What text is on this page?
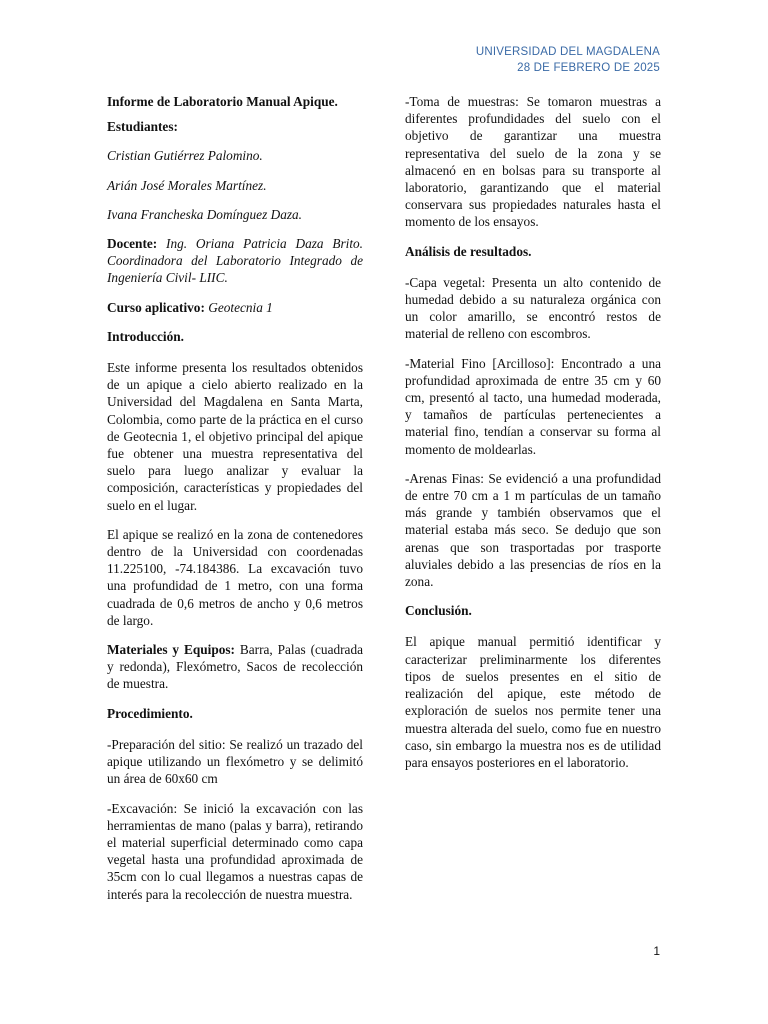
UNIVERSIDAD DEL MAGDALENA
28 DE FEBRERO DE 2025

Informe de Laboratorio Manual Apique.

Estudiantes:

Cristian Gutiérrez Palomino.

Arián José Morales Martínez.

Ivana Francheska Domínguez Daza.

Docente: Ing. Oriana Patricia Daza Brito. Coordinadora del Laboratorio Integrado de Ingeniería Civil- LIIC.

Curso aplicativo: Geotecnia 1

Introducción.

Este informe presenta los resultados obtenidos de un apique a cielo abierto realizado en la Universidad del Magdalena en Santa Marta, Colombia, como parte de la práctica en el curso de Geotecnia 1, el objetivo principal del apique fue obtener una muestra representativa del suelo para luego analizar y evaluar la composición, características y propiedades del suelo en el lugar.

El apique se realizó en la zona de contenedores dentro de la Universidad con coordenadas 11.225100, -74.184386. La excavación tuvo una profundidad de 1 metro, con una forma cuadrada de 0,6 metros de ancho y 0,6 metros de largo.

Materiales y Equipos: Barra, Palas (cuadrada y redonda), Flexómetro, Sacos de recolección de muestra.

Procedimiento.

-Preparación del sitio: Se realizó un trazado del apique utilizando un flexómetro y se delimitó un área de 60x60 cm

-Excavación: Se inició la excavación con las herramientas de mano (palas y barra), retirando el material superficial determinado como capa vegetal hasta una profundidad aproximada de 35cm con lo cual llegamos a nuestras capas de interés para la recolección de nuestra muestra.

-Toma de muestras: Se tomaron muestras a diferentes profundidades del suelo con el objetivo de garantizar una muestra representativa del suelo de la zona y se almacenó en en bolsas para su transporte al laboratorio, garantizando que el material conservara sus propiedades naturales hasta el momento de los ensayos.

Análisis de resultados.

-Capa vegetal: Presenta un alto contenido de humedad debido a su naturaleza orgánica con un color amarillo, se encontró restos de material de relleno con escombros.

-Material Fino [Arcilloso]: Encontrado a una profundidad aproximada de entre 35 cm y 60 cm, presentó al tacto, una humedad moderada, y tamaños de partículas pertenecientes a material fino, tendían a conservar su forma al momento de moldearlas.

-Arenas Finas: Se evidenció a una profundidad de entre 70 cm a 1 m partículas de un tamaño más grande y también observamos que el material estaba más seco. Se dedujo que son arenas que son trasportadas por trasporte aluviales debido a las presencias de ríos en la zona.

Conclusión.

El apique manual permitió identificar y caracterizar preliminarmente los diferentes tipos de suelos presentes en el sitio de realización del apique, este método de exploración de suelos nos permite tener una muestra alterada del suelo, como fue en nuestro caso, sin embargo la muestra nos es de utilidad para ensayos posteriores en el laboratorio.

1
